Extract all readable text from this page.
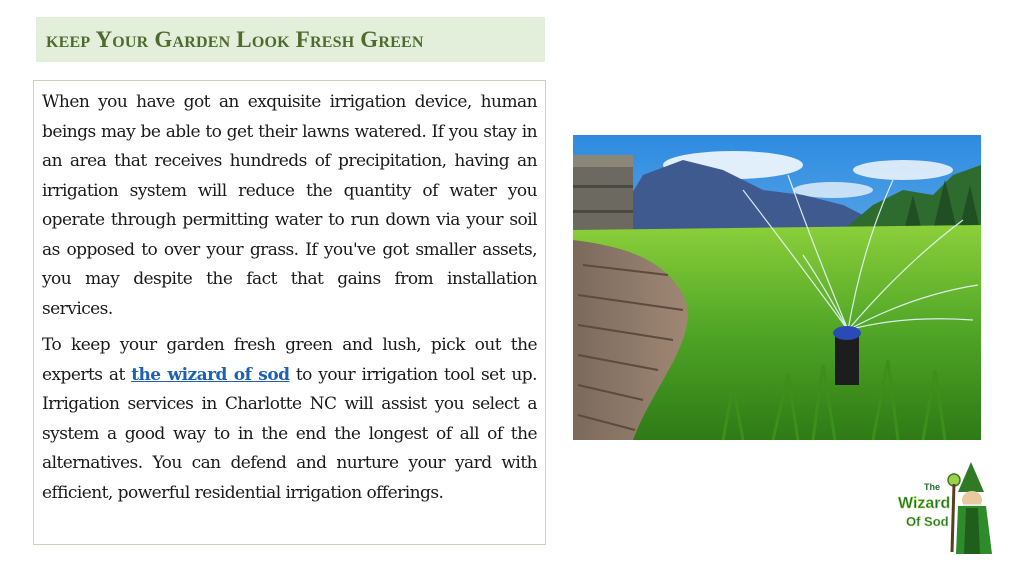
keep Your Garden Look Fresh Green

When you have got an exquisite irrigation device, human beings may be able to get their lawns watered. If you stay in an area that receives hundreds of precipitation, having an irrigation system will reduce the quantity of water you operate through permitting water to run down via your soil as opposed to over your grass. If you've got smaller assets, you may despite the fact that gains from installation services.

To keep your garden fresh green and lush, pick out the experts at the wizard of sod to your irrigation tool set up. Irrigation services in Charlotte NC will assist you select a system a good way to in the end the longest of all of the alternatives. You can defend and nurture your yard with efficient, powerful residential irrigation offerings.	The
Wizard
Of Sod
